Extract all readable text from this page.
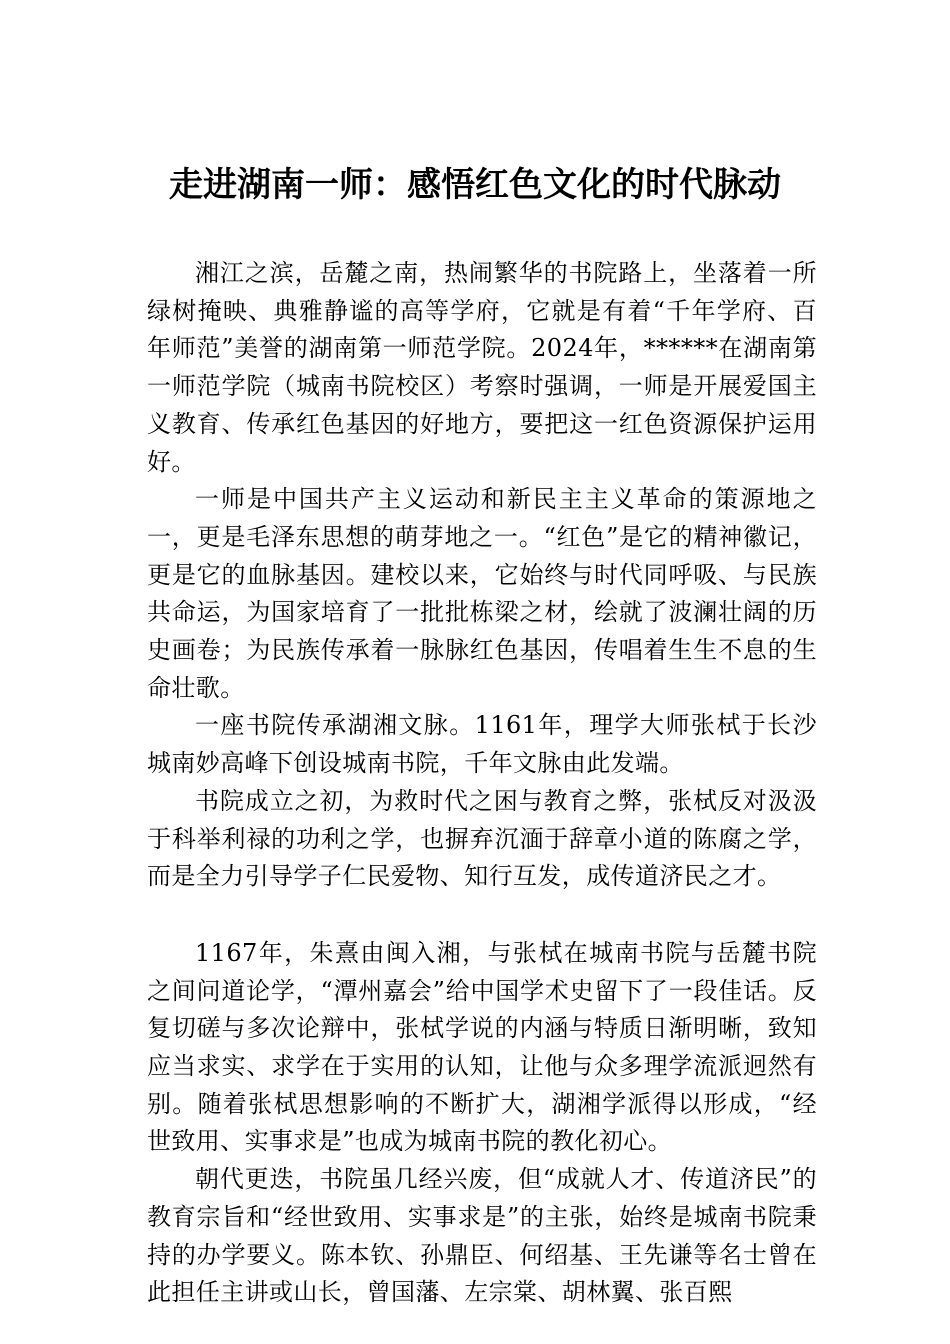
走进湖南一师：感悟红色文化的时代脉动

湘江之滨，岳麓之南，热闹繁华的书院路上，坐落着一所绿树掩映、典雅静谧的高等学府，它就是有着“千年学府、百年师范”美誉的湖南第一师范学院。2024年，******在湖南第一师范学院（城南书院校区）考察时强调，一师是开展爱国主义教育、传承红色基因的好地方，要把这一红色资源保护运用好。

一师是中国共产主义运动和新民主主义革命的策源地之一，更是毛泽东思想的萌芽地之一。“红色”是它的精神徽记，更是它的血脉基因。建校以来，它始终与时代同呼吸、与民族共命运，为国家培育了一批批栋梁之材，绘就了波澜壮阔的历史画卷；为民族传承着一脉脉红色基因，传唱着生生不息的生命壮歌。

一座书院传承湖湘文脉。1161年，理学大师张栻于长沙城南妙高峰下创设城南书院，千年文脉由此发端。

书院成立之初，为救时代之困与教育之弊，张栻反对汲汲于科举利禄的功利之学，也摒弃沉湎于辞章小道的陈腐之学，而是全力引导学子仁民爱物、知行互发，成传道济民之才。

1167年，朱熹由闽入湘，与张栻在城南书院与岳麓书院之间问道论学，“潭州嘉会”给中国学术史留下了一段佳话。反复切磋与多次论辩中，张栻学说的内涵与特质日渐明晰，致知应当求实、求学在于实用的认知，让他与众多理学流派迥然有别。随着张栻思想影响的不断扩大，湖湘学派得以形成，“经世致用、实事求是”也成为城南书院的教化初心。

朝代更迭，书院虽几经兴废，但“成就人才、传道济民”的教育宗旨和“经世致用、实事求是”的主张，始终是城南书院秉持的办学要义。陈本钦、孙鼎臣、何绍基、王先谦等名士曾在此担任主讲或山长，曾国藩、左宗棠、胡林翼、张百熙
